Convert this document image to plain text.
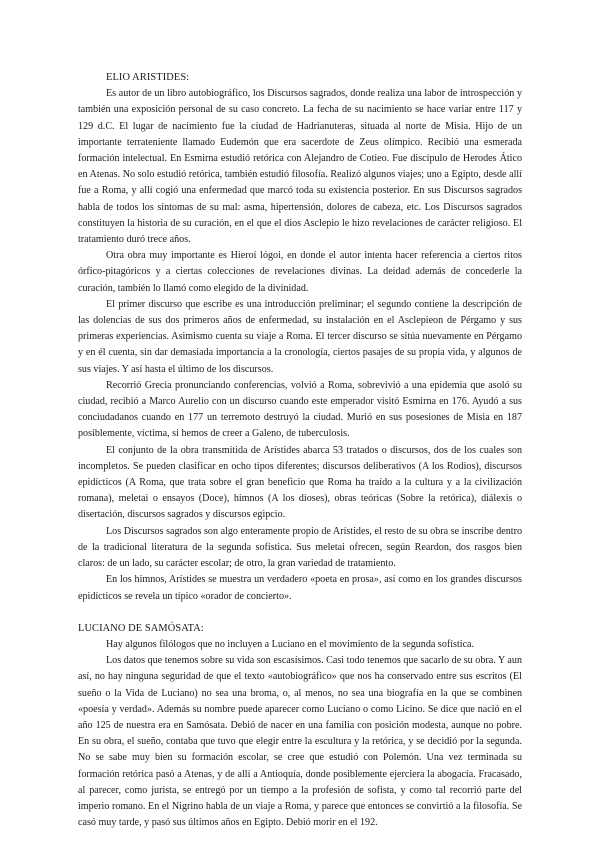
ELIO ARISTIDES:

Es autor de un libro autobiográfico, los Discursos sagrados, donde realiza una labor de introspección y también una exposición personal de su caso concreto. La fecha de su nacimiento se hace variar entre 117 y 129 d.C. El lugar de nacimiento fue la ciudad de Hadrianuteras, situada al norte de Misia. Hijo de un importante terrateniente llamado Eudemón que era sacerdote de Zeus olímpico. Recibió una esmerada formación intelectual. En Esmirna estudió retórica con Alejandro de Cotieo. Fue discípulo de Herodes Ático en Atenas. No solo estudió retórica, también estudió filosofía. Realizó algunos viajes; uno a Egipto, desde allí fue a Roma, y allí cogió una enfermedad que marcó toda su existencia posterior. En sus Discursos sagrados habla de todos los síntomas de su mal: asma, hipertensión, dolores de cabeza, etc. Los Discursos sagrados constituyen la historia de su curación, en el que el dios Asclepio le hizo revelaciones de carácter religioso. El tratamiento duró trece años.

Otra obra muy importante es Hieroí lógoi, en donde el autor intenta hacer referencia a ciertos ritos órfico-pitagóricos y a ciertas colecciones de revelaciones divinas. La deidad además de concederle la curación, también lo llamó como elegido de la divinidad.

El primer discurso que escribe es una introducción preliminar; el segundo contiene la descripción de las dolencias de sus dos primeros años de enfermedad, su instalación en el Asclepieon de Pérgamo y sus primeras experiencias. Asimismo cuenta su viaje a Roma. El tercer discurso se sitúa nuevamente en Pérgamo y en él cuenta, sin dar demasiada importancia a la cronología, ciertos pasajes de su propia vida, y algunos de sus viajes. Y así hasta el último de los discursos.

Recorrió Grecia pronunciando conferencias, volvió a Roma, sobrevivió a una epidemia que asoló su ciudad, recibió a Marco Aurelio con un discurso cuando este emperador visitó Esmirna en 176. Ayudó a sus conciudadanos cuando en 177 un terremoto destruyó la ciudad. Murió en sus posesiones de Misia en 187 posiblemente, víctima, si hemos de creer a Galeno, de tuberculosis.

El conjunto de la obra transmitida de Arístides abarca 53 tratados o discursos, dos de los cuales son incompletos. Se pueden clasificar en ocho tipos diferentes; discursos deliberativos (A los Rodios), discursos epidícticos (A Roma, que trata sobre el gran beneficio que Roma ha traído a la cultura y a la civilización romana), meletai o ensayos (Doce), himnos (A los dioses), obras teóricas (Sobre la retórica), diálexis o disertación, discursos sagrados y discursos egipcio.

Los Discursos sagrados son algo enteramente propio de Arístides, el resto de su obra se inscribe dentro de la tradicional literatura de la segunda sofística. Sus meletai ofrecen, según Reardon, dos rasgos bien claros: de un lado, su carácter escolar; de otro, la gran variedad de tratamiento.

En los himnos, Arístides se muestra un verdadero «poeta en prosa», así como en los grandes discursos epidícticos se revela un típico «orador de concierto».

LUCIANO DE SAMÓSATA:

Hay algunos filólogos que no incluyen a Luciano en el movimiento de la segunda sofística.

Los datos que tenemos sobre su vida son escasísimos. Casi todo tenemos que sacarlo de su obra. Y aun así, no hay ninguna seguridad de que el texto «autobiográfico» que nos ha conservado entre sus escritos (El sueño o la Vida de Luciano) no sea una broma, o, al menos, no sea una biografía en la que se combinen «poesía y verdad». Además su nombre puede aparecer como Luciano o como Licino. Se dice que nació en el año 125 de nuestra era en Samósata. Debió de nacer en una familia con posición modesta, aunque no pobre. En su obra, el sueño, contaba que tuvo que elegir entre la escultura y la retórica, y se decidió por la segunda. No se sabe muy bien su formación escolar, se cree que estudió con Polemón. Una vez terminada su formación retórica pasó a Atenas, y de allí a Antioquía, donde posiblemente ejerciera la abogacía. Fracasado, al parecer, como jurista, se entregó por un tiempo a la profesión de sofista, y como tal recorrió parte del imperio romano. En el Nigrino habla de un viaje a Roma, y parece que entonces se convirtió a la filosofía. Se casó muy tarde, y pasó sus últimos años en Egipto. Debió morir en el 192.
